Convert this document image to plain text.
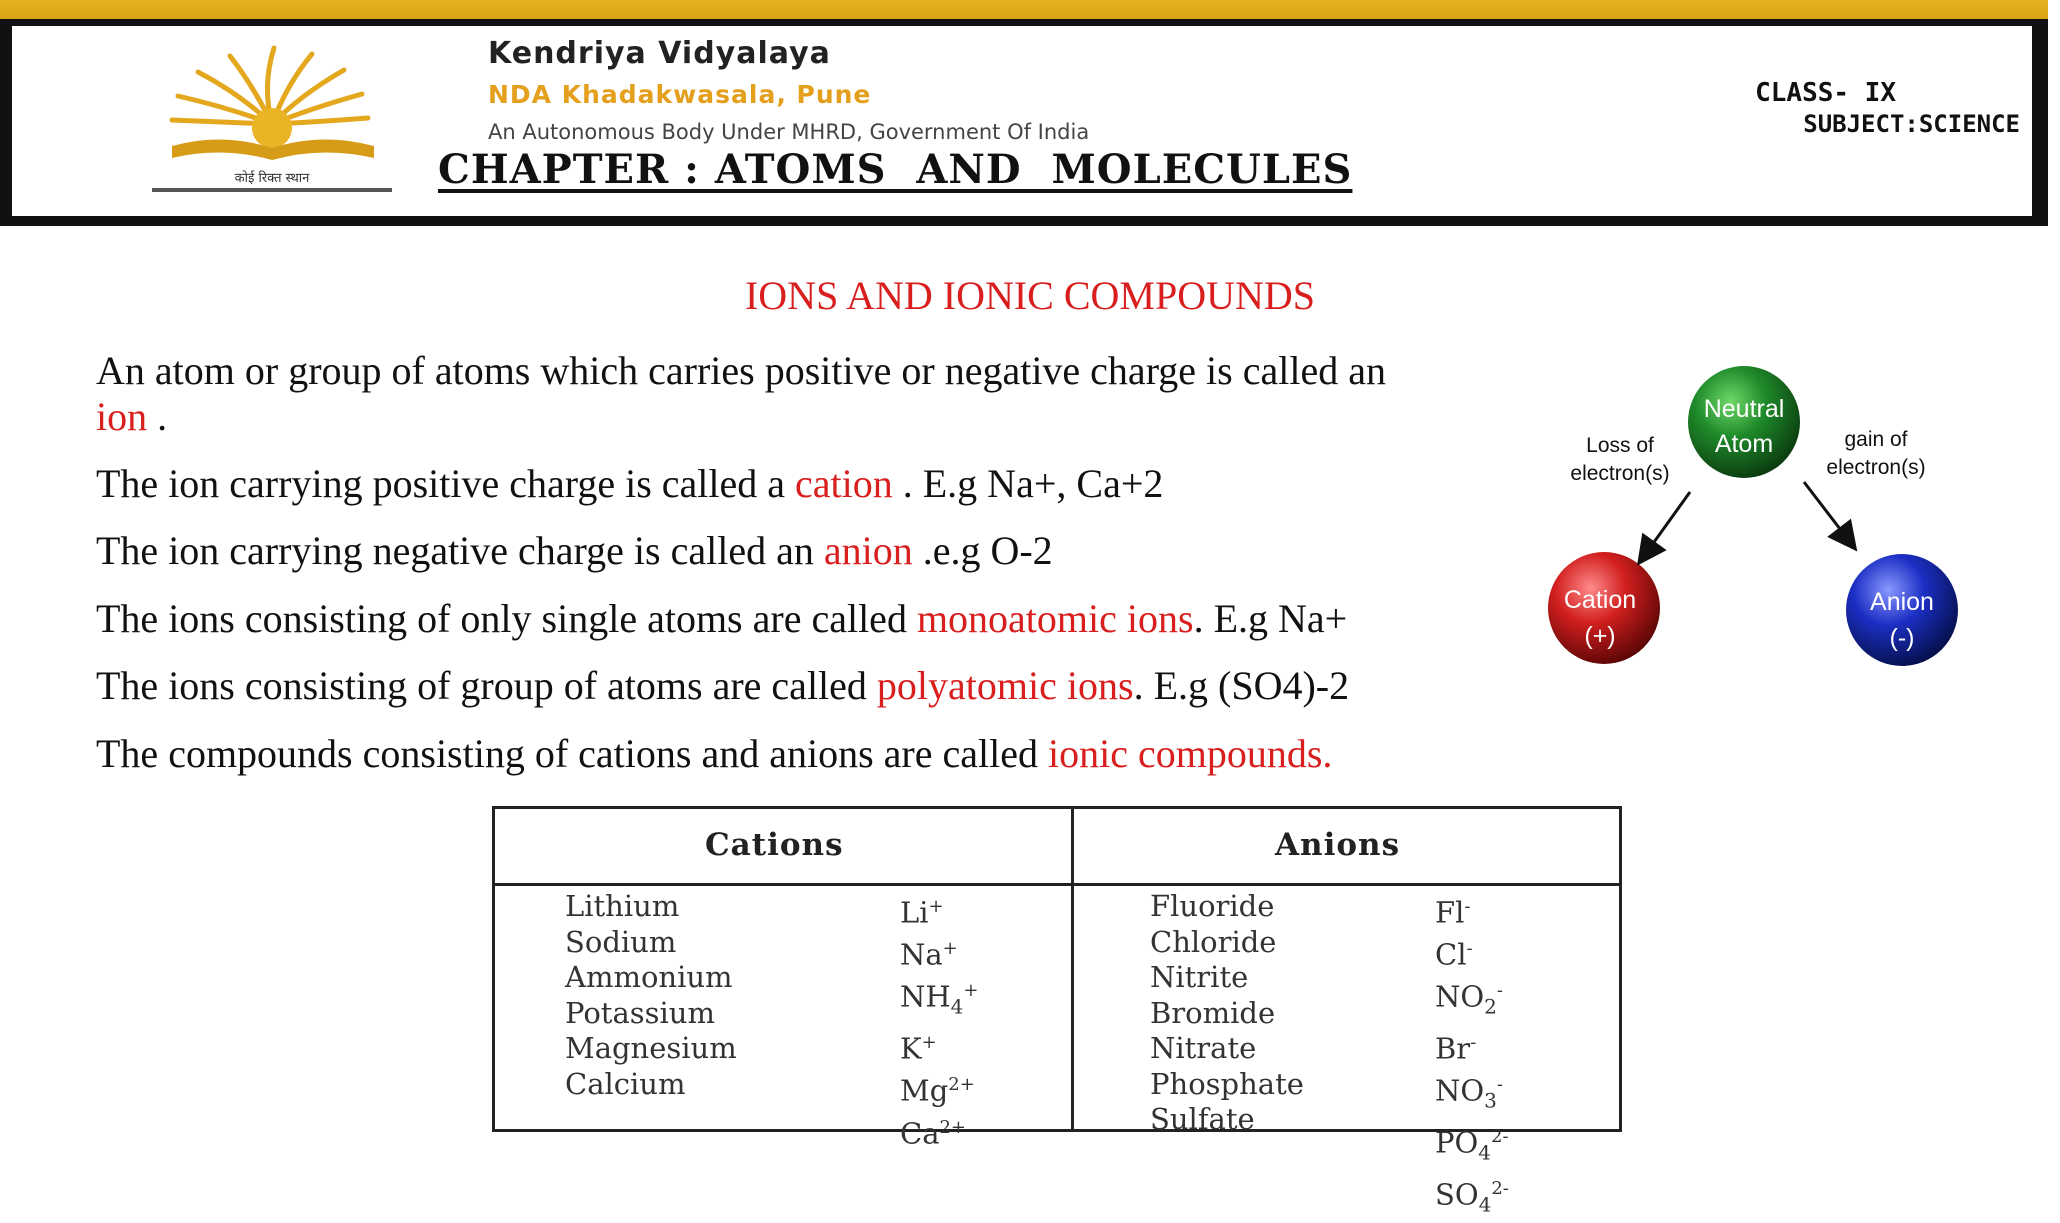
कोई रिक्त स्थान
Kendriya Vidyalaya
NDA Khadakwasala, Pune
An Autonomous Body Under MHRD, Government Of India
CHAPTER : ATOMS  AND  MOLECULES
CLASS- IX
SUBJECT:SCIENCE
IONS AND IONIC COMPOUNDS
An atom or group of atoms which carries positive or negative charge is called an
ion .
The ion carrying positive charge is called a cation . E.g Na+, Ca+2
The ion carrying negative charge is called an anion .e.g O-2
The ions consisting of only single atoms are called monoatomic ions. E.g Na+
The ions consisting of group of atoms are called polyatomic ions. E.g (SO4)-2
The compounds consisting of cations and anions are called ionic compounds.
Neutral
Atom
Cation
(+)
Anion
(-)
Loss of
electron(s)
gain of
electron(s)
Cations	Anions
Lithium
Sodium
Ammonium
Potassium
Magnesium
Calcium
Li+
Na+
$NH_4^+$
K+
$Mg^{2+}$
$Ca^{2+}$
Fluoride
Chloride
Nitrite
Bromide
Nitrate
Phosphate
Sulfate
Fl-
Cl-
$NO_2^-$
Br-
$NO_3^-$
$PO_4^{2-}$
$SO_4^{2-}$
